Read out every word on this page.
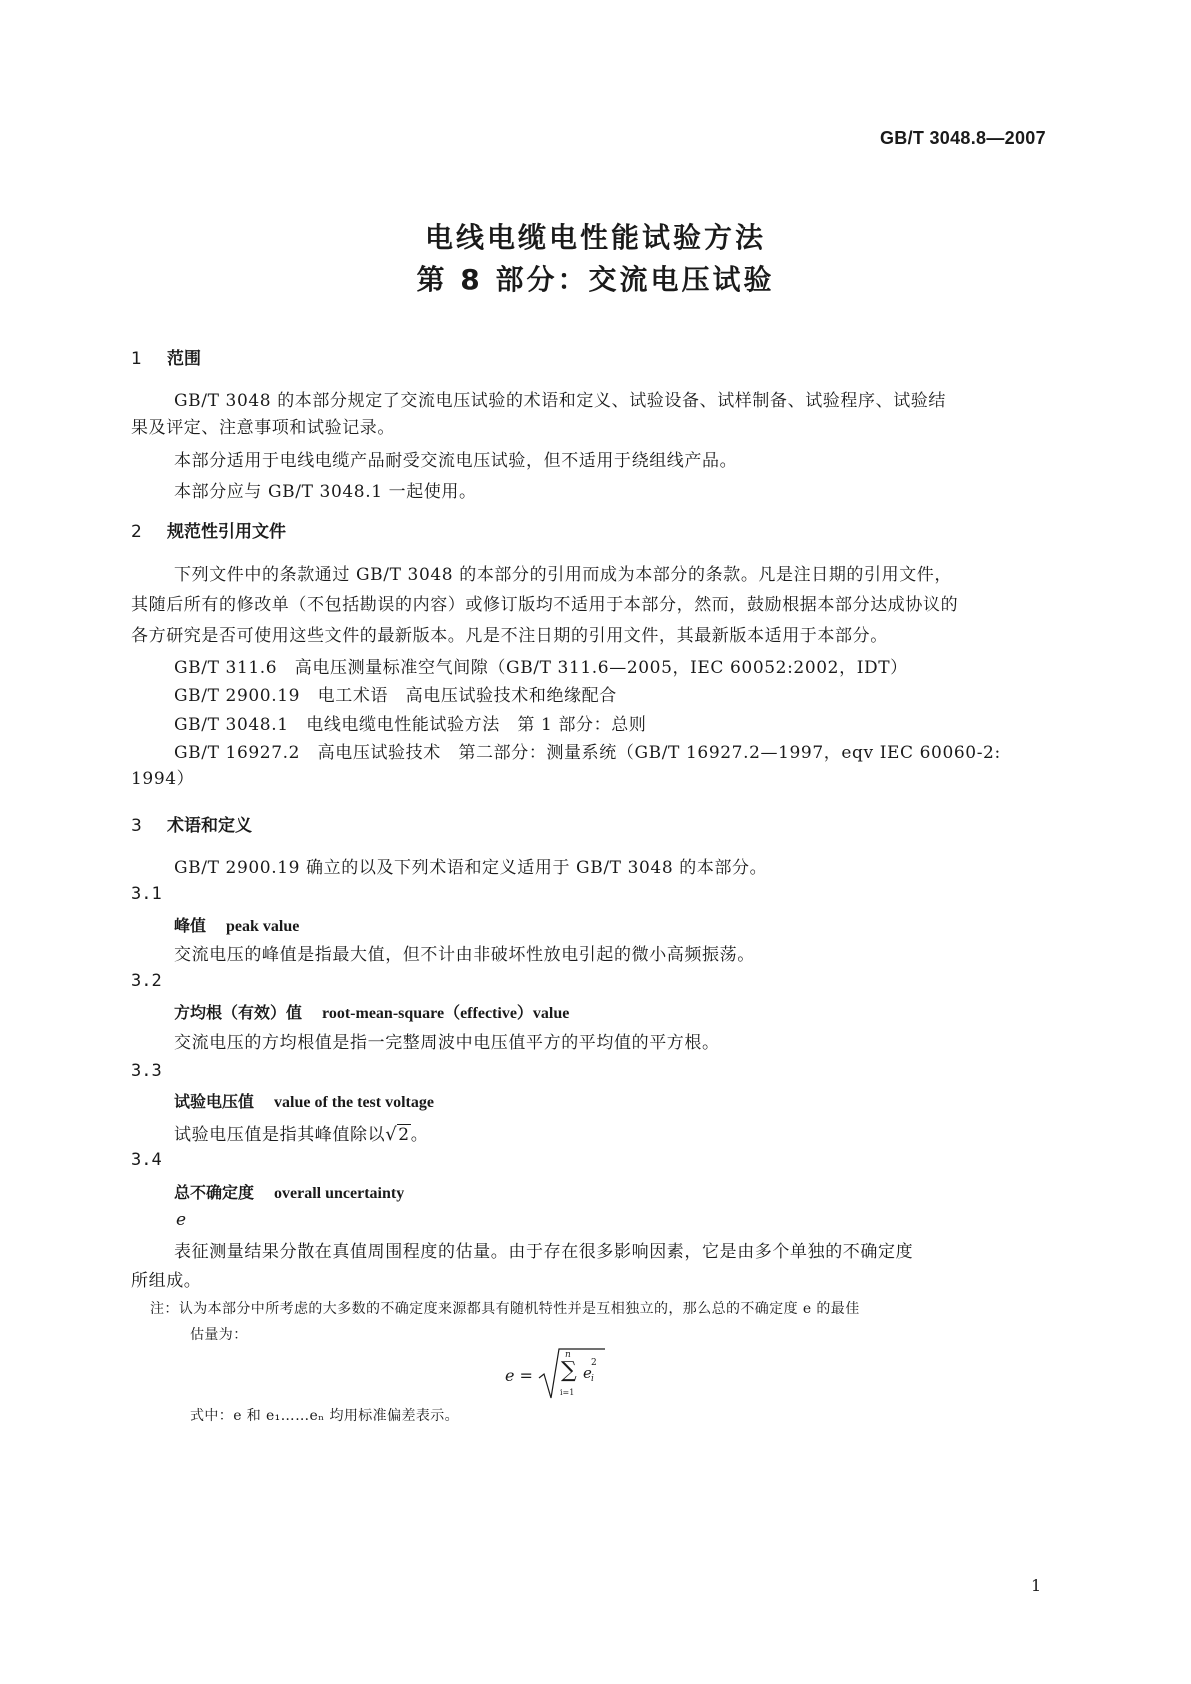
GB/T 3048.8—2007
电线电缆电性能试验方法
第 8 部分：交流电压试验
1 范围
GB/T 3048 的本部分规定了交流电压试验的术语和定义、试验设备、试样制备、试验程序、试验结
果及评定、注意事项和试验记录。
本部分适用于电线电缆产品耐受交流电压试验，但不适用于绕组线产品。
本部分应与 GB/T 3048.1 一起使用。
2 规范性引用文件
下列文件中的条款通过 GB/T 3048 的本部分的引用而成为本部分的条款。凡是注日期的引用文件，
其随后所有的修改单（不包括勘误的内容）或修订版均不适用于本部分，然而，鼓励根据本部分达成协议的
各方研究是否可使用这些文件的最新版本。凡是不注日期的引用文件，其最新版本适用于本部分。
GB/T 311.6　高电压测量标准空气间隙（GB/T 311.6—2005，IEC 60052:2002，IDT）
GB/T 2900.19　电工术语　高电压试验技术和绝缘配合
GB/T 3048.1　电线电缆电性能试验方法　第 1 部分：总则
GB/T 16927.2　高电压试验技术　第二部分：测量系统（GB/T 16927.2—1997，eqv IEC 60060-2:
1994）
3 术语和定义
GB/T 2900.19 确立的以及下列术语和定义适用于 GB/T 3048 的本部分。
3.1
峰值 peak value
交流电压的峰值是指最大值，但不计由非破坏性放电引起的微小高频振荡。
3.2
方均根（有效）值 root-mean-square（effective）value
交流电压的方均根值是指一完整周波中电压值平方的平均值的平方根。
3.3
试验电压值 value of the test voltage
试验电压值是指其峰值除以√2。
3.4
总不确定度 overall uncertainty
e
表征测量结果分散在真值周围程度的估量。由于存在很多影响因素，它是由多个单独的不确定度
所组成。
注：认为本部分中所考虑的大多数的不确定度来源都具有随机特性并是互相独立的，那么总的不确定度 e 的最佳
估量为：
e =
n
∑
i=1
e
2
i
式中：e 和 e₁……eₙ 均用标准偏差表示。
1
